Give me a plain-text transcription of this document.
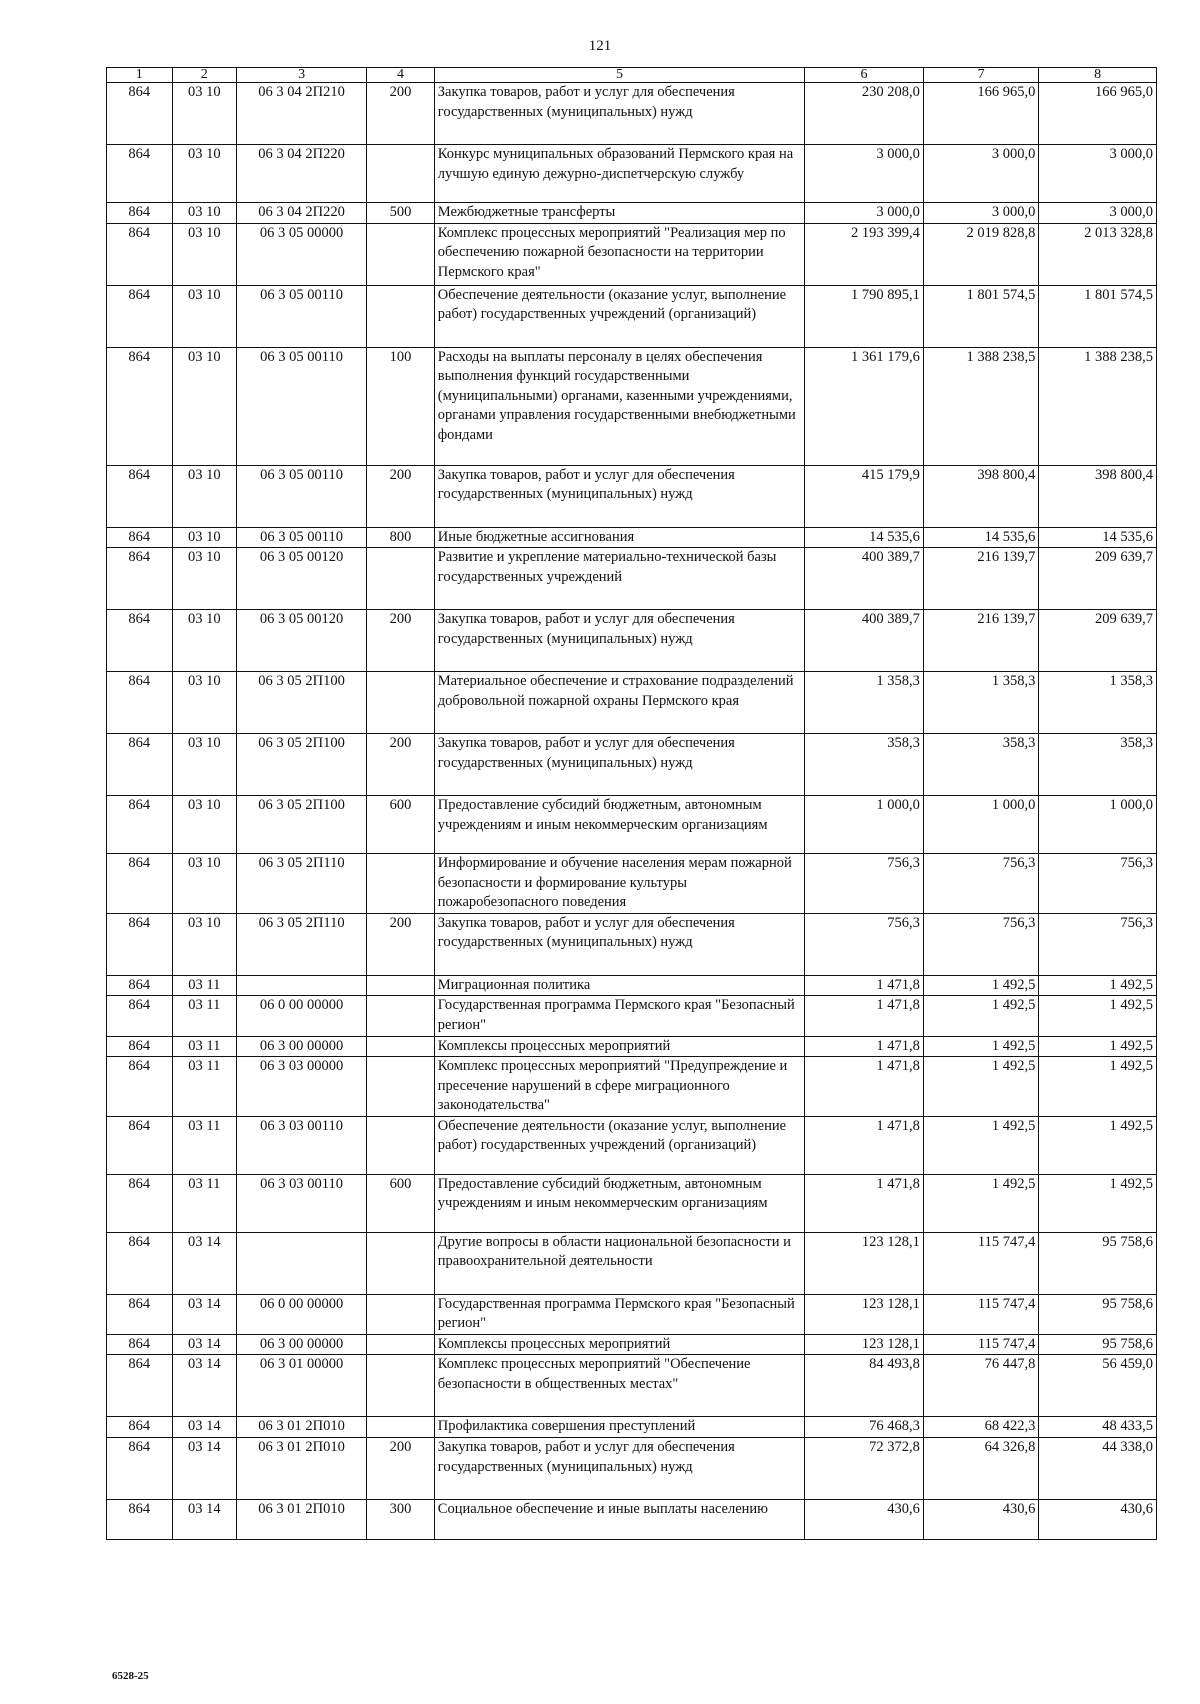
121
1	2	3	4	5	6	7	8
864	03 10	06 3 04 2П210	200	Закупка товаров, работ и услуг для обеспечения государственных (муниципальных) нужд	230 208,0	166 965,0	166 965,0
864	03 10	06 3 04 2П220		Конкурс муниципальных образований Пермского края на лучшую единую дежурно-диспетчерскую службу	3 000,0	3 000,0	3 000,0
864	03 10	06 3 04 2П220	500	Межбюджетные трансферты	3 000,0	3 000,0	3 000,0
864	03 10	06 3 05 00000		Комплекс процессных мероприятий "Реализация мер по обеспечению пожарной безопасности на территории Пермского края"	2 193 399,4	2 019 828,8	2 013 328,8
864	03 10	06 3 05 00110		Обеспечение деятельности (оказание услуг, выполнение работ) государственных учреждений (организаций)	1 790 895,1	1 801 574,5	1 801 574,5
864	03 10	06 3 05 00110	100	Расходы на выплаты персоналу в целях обеспечения выполнения функций государственными (муниципальными) органами, казенными учреждениями, органами управления государственными внебюджетными фондами	1 361 179,6	1 388 238,5	1 388 238,5
864	03 10	06 3 05 00110	200	Закупка товаров, работ и услуг для обеспечения государственных (муниципальных) нужд	415 179,9	398 800,4	398 800,4
864	03 10	06 3 05 00110	800	Иные бюджетные ассигнования	14 535,6	14 535,6	14 535,6
864	03 10	06 3 05 00120		Развитие и укрепление материально-технической базы государственных учреждений	400 389,7	216 139,7	209 639,7
864	03 10	06 3 05 00120	200	Закупка товаров, работ и услуг для обеспечения государственных (муниципальных) нужд	400 389,7	216 139,7	209 639,7
864	03 10	06 3 05 2П100		Материальное обеспечение и страхование подразделений добровольной пожарной охраны Пермского края	1 358,3	1 358,3	1 358,3
864	03 10	06 3 05 2П100	200	Закупка товаров, работ и услуг для обеспечения государственных (муниципальных) нужд	358,3	358,3	358,3
864	03 10	06 3 05 2П100	600	Предоставление субсидий бюджетным, автономным учреждениям и иным некоммерческим организациям	1 000,0	1 000,0	1 000,0
864	03 10	06 3 05 2П110		Информирование и обучение населения мерам пожарной безопасности и формирование культуры пожаробезопасного поведения	756,3	756,3	756,3
864	03 10	06 3 05 2П110	200	Закупка товаров, работ и услуг для обеспечения государственных (муниципальных) нужд	756,3	756,3	756,3
864	03 11			Миграционная политика	1 471,8	1 492,5	1 492,5
864	03 11	06 0 00 00000		Государственная программа Пермского края "Безопасный регион"	1 471,8	1 492,5	1 492,5
864	03 11	06 3 00 00000		Комплексы процессных мероприятий	1 471,8	1 492,5	1 492,5
864	03 11	06 3 03 00000		Комплекс процессных мероприятий "Предупреждение и пресечение нарушений в сфере миграционного законодательства"	1 471,8	1 492,5	1 492,5
864	03 11	06 3 03 00110		Обеспечение деятельности (оказание услуг, выполнение работ) государственных учреждений (организаций)	1 471,8	1 492,5	1 492,5
864	03 11	06 3 03 00110	600	Предоставление субсидий бюджетным, автономным учреждениям и иным некоммерческим организациям	1 471,8	1 492,5	1 492,5
864	03 14			Другие вопросы в области национальной безопасности и правоохранительной деятельности	123 128,1	115 747,4	95 758,6
864	03 14	06 0 00 00000		Государственная программа Пермского края "Безопасный регион"	123 128,1	115 747,4	95 758,6
864	03 14	06 3 00 00000		Комплексы процессных мероприятий	123 128,1	115 747,4	95 758,6
864	03 14	06 3 01 00000		Комплекс процессных мероприятий "Обеспечение безопасности в общественных местах"	84 493,8	76 447,8	56 459,0
864	03 14	06 3 01 2П010		Профилактика совершения преступлений	76 468,3	68 422,3	48 433,5
864	03 14	06 3 01 2П010	200	Закупка товаров, работ и услуг для обеспечения государственных (муниципальных) нужд	72 372,8	64 326,8	44 338,0
864	03 14	06 3 01 2П010	300	Социальное обеспечение и иные выплаты населению	430,6	430,6	430,6
6528-25
